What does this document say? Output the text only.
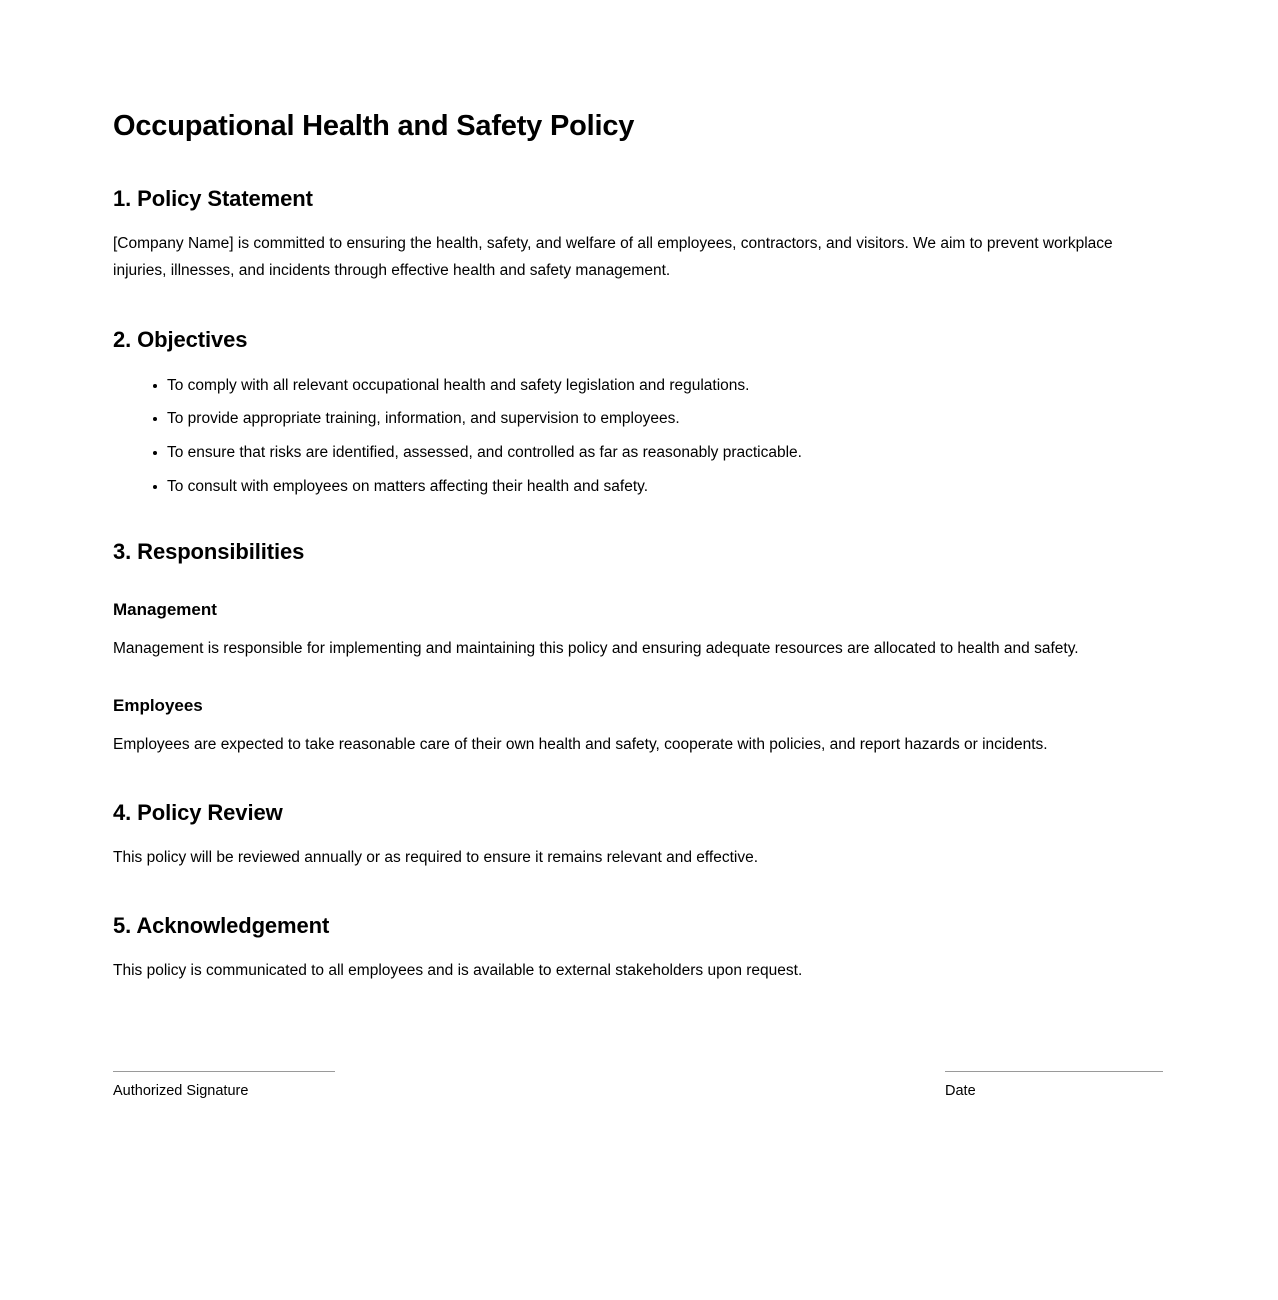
Occupational Health and Safety Policy
1. Policy Statement

[Company Name] is committed to ensuring the health, safety, and welfare of all employees, contractors, and visitors. We aim to prevent workplace injuries, illnesses, and incidents through effective health and safety management.

2. Objectives
To comply with all relevant occupational health and safety legislation and regulations.
To provide appropriate training, information, and supervision to employees.
To ensure that risks are identified, assessed, and controlled as far as reasonably practicable.
To consult with employees on matters affecting their health and safety.
3. Responsibilities
Management

Management is responsible for implementing and maintaining this policy and ensuring adequate resources are allocated to health and safety.

Employees

Employees are expected to take reasonable care of their own health and safety, cooperate with policies, and report hazards or incidents.

4. Policy Review

This policy will be reviewed annually or as required to ensure it remains relevant and effective.

5. Acknowledgement

This policy is communicated to all employees and is available to external stakeholders upon request.

Authorized Signature	Date
